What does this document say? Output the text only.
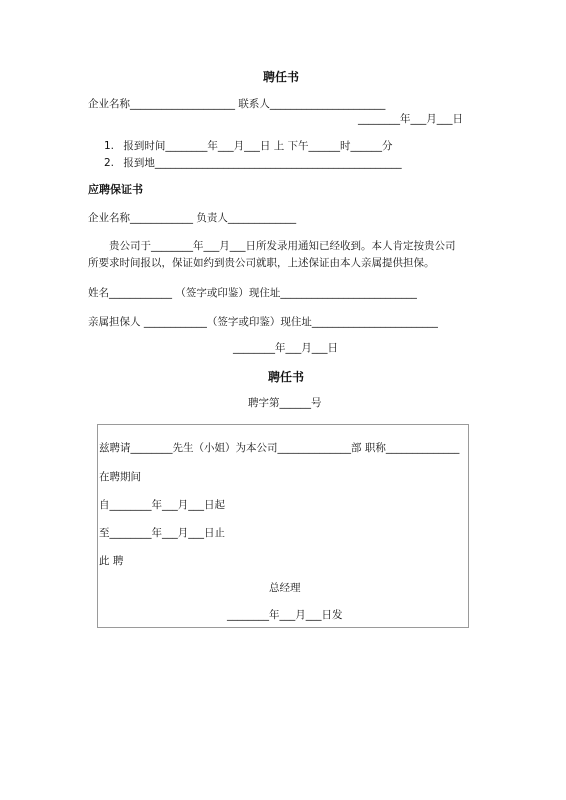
聘任书
企业名称____________________ 联系人______________________
________年___月___日
1. 报到时间________年___月___日 上 下午______时______分
2. 报到地_______________________________________________
应聘保证书
企业名称____________ 负责人_____________
贵公司于________年___月___日所发录用通知已经收到。本人肯定按贵公司所要求时间报以，保证如约到贵公司就职，上述保证由本人亲属提供担保。
姓名____________ （签字或印鉴）现住址__________________________
亲属担保人 ____________（签字或印鉴）现住址________________________
________年___月___日
聘任书
聘字第______号
兹聘请________先生（小姐）为本公司______________部 职称______________
在聘期间
自________年___月___日起
至________年___月___日止
此 聘
总经理
________年___月___日发
